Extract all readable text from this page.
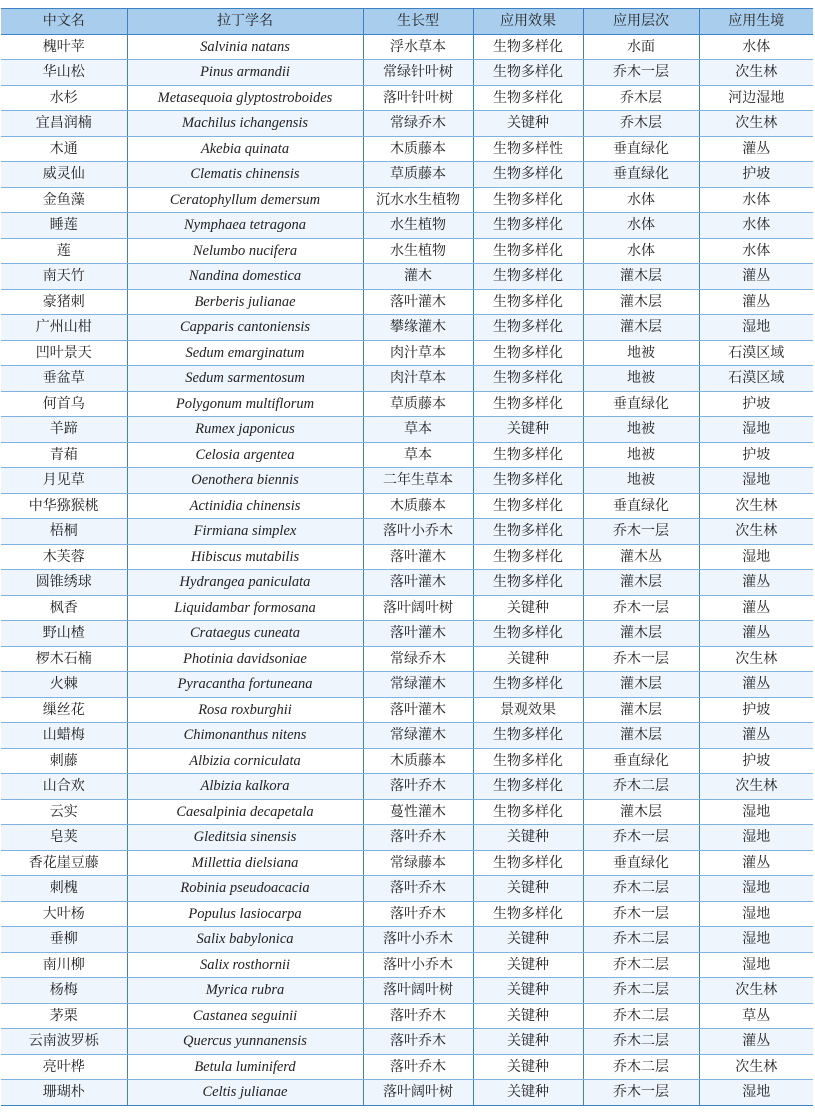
中文名	拉丁学名	生长型	应用效果	应用层次	应用生境
槐叶苹	Salvinia natans	浮水草本	生物多样化	水面	水体
华山松	Pinus armandii	常绿针叶树	生物多样化	乔木一层	次生林
水杉	Metasequoia glyptostroboides	落叶针叶树	生物多样化	乔木层	河边湿地
宜昌润楠	Machilus ichangensis	常绿乔木	关键种	乔木层	次生林
木通	Akebia quinata	木质藤本	生物多样性	垂直绿化	灌丛
威灵仙	Clematis chinensis	草质藤本	生物多样化	垂直绿化	护坡
金鱼藻	Ceratophyllum demersum	沉水水生植物	生物多样化	水体	水体
睡莲	Nymphaea tetragona	水生植物	生物多样化	水体	水体
莲	Nelumbo nucifera	水生植物	生物多样化	水体	水体
南天竹	Nandina domestica	灌木	生物多样化	灌木层	灌丛
豪猪刺	Berberis julianae	落叶灌木	生物多样化	灌木层	灌丛
广州山柑	Capparis cantoniensis	攀缘灌木	生物多样化	灌木层	湿地
凹叶景天	Sedum emarginatum	肉汁草本	生物多样化	地被	石漠区域
垂盆草	Sedum sarmentosum	肉汁草本	生物多样化	地被	石漠区域
何首乌	Polygonum multiflorum	草质藤本	生物多样化	垂直绿化	护坡
羊蹄	Rumex japonicus	草本	关键种	地被	湿地
青葙	Celosia argentea	草本	生物多样化	地被	护坡
月见草	Oenothera biennis	二年生草本	生物多样化	地被	湿地
中华猕猴桃	Actinidia chinensis	木质藤本	生物多样化	垂直绿化	次生林
梧桐	Firmiana simplex	落叶小乔木	生物多样化	乔木一层	次生林
木芙蓉	Hibiscus mutabilis	落叶灌木	生物多样化	灌木丛	湿地
圆锥绣球	Hydrangea paniculata	落叶灌木	生物多样化	灌木层	灌丛
枫香	Liquidambar formosana	落叶阔叶树	关键种	乔木一层	灌丛
野山楂	Crataegus cuneata	落叶灌木	生物多样化	灌木层	灌丛
椤木石楠	Photinia davidsoniae	常绿乔木	关键种	乔木一层	次生林
火棘	Pyracantha fortuneana	常绿灌木	生物多样化	灌木层	灌丛
缫丝花	Rosa roxburghii	落叶灌木	景观效果	灌木层	护坡
山蜡梅	Chimonanthus nitens	常绿灌木	生物多样化	灌木层	灌丛
刺藤	Albizia corniculata	木质藤本	生物多样化	垂直绿化	护坡
山合欢	Albizia kalkora	落叶乔木	生物多样化	乔木二层	次生林
云实	Caesalpinia decapetala	蔓性灌木	生物多样化	灌木层	湿地
皂荚	Gleditsia sinensis	落叶乔木	关键种	乔木一层	湿地
香花崖豆藤	Millettia dielsiana	常绿藤本	生物多样化	垂直绿化	灌丛
刺槐	Robinia pseudoacacia	落叶乔木	关键种	乔木二层	湿地
大叶杨	Populus lasiocarpa	落叶乔木	生物多样化	乔木一层	湿地
垂柳	Salix babylonica	落叶小乔木	关键种	乔木二层	湿地
南川柳	Salix rosthornii	落叶小乔木	关键种	乔木二层	湿地
杨梅	Myrica rubra	落叶阔叶树	关键种	乔木二层	次生林
茅栗	Castanea seguinii	落叶乔木	关键种	乔木二层	草丛
云南波罗栎	Quercus yunnanensis	落叶乔木	关键种	乔木二层	灌丛
亮叶桦	Betula luminiferd	落叶乔木	关键种	乔木二层	次生林
珊瑚朴	Celtis julianae	落叶阔叶树	关键种	乔木一层	湿地
